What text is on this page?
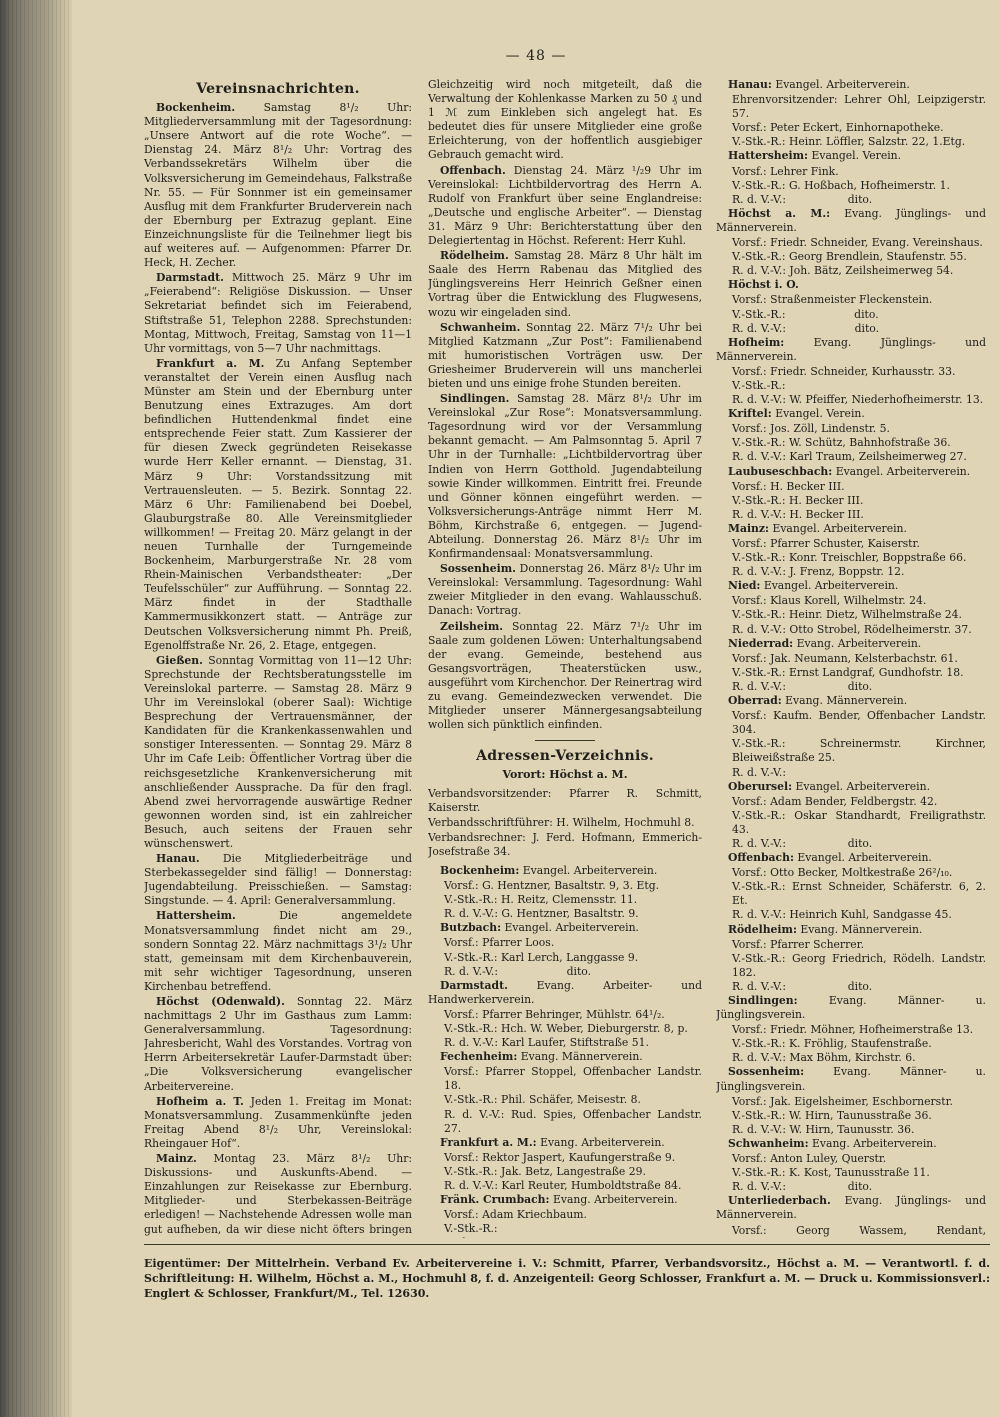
— 48 —
Vereinsnachrichten.

Bockenheim.	Samstag 8¹/₂ Uhr: Mitgliederversammlung mit der Tagesordnung: „Unsere Antwort auf die rote Woche“. — Dienstag 24. März 8¹/₂ Uhr: Vortrag des Verbandssekretärs Wilhelm über die Volksversicherung im Gemeindehaus, Falkstraße Nr. 55. — Für Sonnmer ist ein gemeinsamer Ausflug mit dem Frankfurter Bruderverein nach der Ebernburg per Extrazug geplant. Eine Einzeichnungsliste für die Teilnehmer liegt bis auf weiteres auf. — Aufgenommen: Pfarrer Dr. Heck, H. Zecher.

Darmstadt. Mittwoch 25. März 9 Uhr im „Feierabend“: Religiöse Diskussion. — Unser Sekretariat befindet sich im Feierabend, Stiftstraße 51, Telephon 2288. Sprechstunden: Montag, Mittwoch, Freitag, Samstag von 11—1 Uhr vormittags, von 5—7 Uhr nachmittags.

Frankfurt a. M. Zu Anfang September veranstaltet der Verein einen Ausflug nach Münster am Stein und der Ebernburg unter Benutzung eines Extrazuges. Am dort befindlichen Huttendenkmal findet eine entsprechende Feier statt. Zum Kassierer der für diesen Zweck gegründeten Reisekasse wurde Herr Keller ernannt. — Dienstag, 31. März 9 Uhr: Vorstandssitzung mit Vertrauensleuten. — 5. Bezirk. Sonntag 22. März 6 Uhr: Familienabend bei Doebel, Glauburgstraße 80. Alle Vereinsmitglieder willkommen! — Freitag 20. März gelangt in der neuen Turnhalle der Turngemeinde Bockenheim, Marburgerstraße Nr. 28 vom Rhein-Mainischen Verbandstheater: „Der Teufelsschüler“ zur Aufführung. — Sonntag 22. März findet in der Stadthalle Kammermusikkonzert statt. — Anträge zur Deutschen Volksversicherung nimmt Ph. Preiß, Egenolffstraße Nr. 26, 2. Etage, entgegen.

Gießen. Sonntag Vormittag von 11—12 Uhr: Sprechstunde der Rechtsberatungsstelle im Vereinslokal parterre. — Samstag 28. März 9 Uhr im Vereinslokal (oberer Saal): Wichtige Besprechung der Vertrauensmänner, der Kandidaten für die Krankenkassenwahlen und sonstiger Interessenten. — Sonntag 29. März 8 Uhr im Cafe Leib: Öffentlicher Vortrag über die reichsgesetzliche Krankenversicherung mit anschließender Aussprache. Da für den fragl. Abend zwei hervorragende auswärtige Redner gewonnen worden sind, ist ein zahlreicher Besuch, auch seitens der Frauen sehr wünschenswert.

Hanau. Die Mitgliederbeiträge und Sterbekassegelder sind fällig! — Donnerstag: Jugendabteilung. Preisschießen. — Samstag: Singstunde. — 4. April: Generalversammlung.

Hattersheim.	Die angemeldete Monatsversammlung findet nicht am 29., sondern Sonntag 22. März nachmittags 3¹/₂ Uhr statt, gemeinsam mit dem Kirchenbauverein, mit sehr wichtiger Tagesordnung, unseren Kirchenbau betreffend.

Höchst (Odenwald). Sonntag 22. März nachmittags 2 Uhr im Gasthaus zum Lamm: Generalversammlung. Tagesordnung: Jahresbericht, Wahl des Vorstandes. Vortrag von Herrn Arbeitersekretär Laufer-Darmstadt über: „Die Volksversicherung evangelischer Arbeitervereine.

Hofheim a. T. Jeden 1. Freitag im Monat: Monatsversammlung. Zusammenkünfte jeden Freitag Abend 8¹/₂ Uhr, Vereinslokal: Rheingauer Hof“.

Mainz. Montag 23. März 8¹/₂ Uhr: Diskussions- und Auskunfts-Abend. — Einzahlungen zur Reisekasse zur Ebernburg. Mitglieder- und Sterbekassen-Beiträge erledigen! — Nachstehende Adressen wolle man gut aufheben, da wir diese nicht öfters bringen

Gleichzeitig wird noch mitgeteilt, daß die Verwaltung der Kohlenkasse Marken zu 50 ₰ und 1 ℳ zum Einkleben sich angelegt hat. Es bedeutet dies für unsere Mitglieder eine große Erleichterung, von der hoffentlich ausgiebiger Gebrauch gemacht wird.

Offenbach. Dienstag 24. März ¹/₂9 Uhr im Vereinslokal: Lichtbildervortrag des Herrn A. Rudolf von Frankfurt über seine Englandreise: „Deutsche und englische Arbeiter“. — Dienstag 31. März 9 Uhr: Berichterstattung über den Delegiertentag in Höchst. Referent: Herr Kuhl.

Rödelheim. Samstag 28. März 8 Uhr hält im Saale des Herrn Rabenau das Mitglied des Jünglingsvereins Herr Heinrich Geßner einen Vortrag über die Entwicklung des Flugwesens, wozu wir eingeladen sind.

Schwanheim. Sonntag 22. März 7¹/₂ Uhr bei Mitglied Katzmann „Zur Post“: Familienabend mit humoristischen Vorträgen usw. Der Griesheimer Bruderverein will uns mancherlei bieten und uns einige frohe Stunden bereiten.

Sindlingen. Samstag 28. März 8¹/₂ Uhr im Vereinslokal „Zur Rose“: Monatsversammlung. Tagesordnung wird vor der Versammlung bekannt gemacht. — Am Palmsonntag 5. April 7 Uhr in der Turnhalle: „Lichtbildervortrag über Indien von Herrn Gotthold. Jugendabteilung sowie Kinder willkommen. Eintritt frei. Freunde und Gönner können eingeführt werden. — Volksversicherungs-Anträge nimmt Herr M. Böhm, Kirchstraße 6, entgegen. — Jugend-Abteilung. Donnerstag 26. März 8¹/₂ Uhr im Konfirmandensaal: Monatsversammlung.

Sossenheim. Donnerstag 26. März 8¹/₂ Uhr im Vereinslokal: Versammlung. Tagesordnung: Wahl zweier Mitglieder in den evang. Wahlausschuß. Danach: Vortrag.

Zeilsheim. Sonntag 22. März 7¹/₂ Uhr im Saale zum goldenen Löwen: Unterhaltungsabend der evang. Gemeinde, bestehend aus Gesangsvorträgen, Theaterstücken usw., ausgeführt vom Kirchenchor. Der Reinertrag wird zu evang. Gemeindezwecken verwendet. Die Mitglieder unserer Männergesangsabteilung wollen sich pünktlich einfinden.

Adressen-Verzeichnis.
Vorort: Höchst a. M.
Verbandsvorsitzender: Pfarrer R. Schmitt, Kaiserstr.
Verbandsschriftführer: H. Wilhelm, Hochmuhl 8.
Verbandsrechner: J. Ferd. Hofmann, Emmerich-Josefstraße 34.

Bockenheim: Evangel. Arbeiterverein.

Vorsf.: G. Hentzner, Basaltstr. 9, 3. Etg.
V.-Stk.-R.: H. Reitz, Clemensstr. 11.
R. d. V.-V.: G. Hentzner, Basaltstr. 9.

Butzbach: Evangel. Arbeiterverein.

Vorsf.: Pfarrer Loos.
V.-Stk.-R.: Karl Lerch, Langgasse 9.
R. d. V.-V.:                    dito.

Darmstadt.	Evang. Arbeiter- und Handwerkerverein.

Vorsf.: Pfarrer Behringer, Mühlstr. 64¹/₂.
V.-Stk.-R.: Hch. W. Weber, Dieburgerstr. 8, p.
R. d. V.-V.: Karl Laufer, Stiftstraße 51.

Fechenheim: Evang. Männerverein.

Vorsf.: Pfarrer Stoppel, Offenbacher Landstr. 18.
V.-Stk.-R.: Phil. Schäfer, Meisestr. 8.
R. d. V.-V.: Rud. Spies, Offenbacher Landstr. 27.

Frankfurt a. M.: Evang. Arbeiterverein.

Vorsf.: Rektor Jaspert, Kaufungerstraße 9.
V.-Stk.-R.: Jak. Betz, Langestraße 29.
R. d. V.-V.: Karl Reuter, Humboldtstraße 84.

Fränk. Crumbach: Evang. Arbeiterverein.

Vorsf.: Adam Kriechbaum.
V.-Stk.-R.:

Hanau: Evangel. Arbeiterverein.

Ehrenvorsitzender: Lehrer Ohl, Leipzigerstr. 57.
Vorsf.: Peter Eckert, Einhornapotheke.
V.-Stk.-R.: Heinr. Löffler, Salzstr. 22, 1.Etg.

Hattersheim: Evangel. Verein.

Vorsf.: Lehrer Fink.
V.-Stk.-R.: G. Hoßbach, Hofheimerstr. 1.
R. d. V.-V.:                  dito.

Höchst a. M.: Evang. Jünglings- und Männerverein.

Vorsf.: Friedr. Schneider, Evang. Vereinshaus.
V.-Stk.-R.: Georg Brendlein, Staufenstr. 55.
R. d. V.-V.: Joh. Bätz, Zeilsheimerweg 54.

Höchst i. O.

Vorsf.: Straßenmeister Fleckenstein.
V.-Stk.-R.:                    dito.
R. d. V.-V.:                    dito.

Hofheim:	Evang. Jünglings- und Männerverein.

Vorsf.: Friedr. Schneider, Kurhausstr. 33.
V.-Stk.-R.:
R. d. V.-V.: W. Pfeiffer, Niederhofheimerstr. 13.

Kriftel: Evangel. Verein.

Vorsf.: Jos. Zöll, Lindenstr. 5.
V.-Stk.-R.: W. Schütz, Bahnhofstraße 36.
R. d. V.-V.: Karl Traum, Zeilsheimerweg 27.

Laubuseschbach: Evangel. Arbeiterverein.

Vorsf.: H. Becker III.
V.-Stk.-R.: H. Becker III.
R. d. V.-V.: H. Becker III.

Mainz: Evangel. Arbeiterverein.

Vorsf.: Pfarrer Schuster, Kaiserstr.
V.-Stk.-R.: Konr. Treischler, Boppstraße 66.
R. d. V.-V.: J. Frenz, Boppstr. 12.

Nied: Evangel. Arbeiterverein.

Vorsf.: Klaus Korell, Wilhelmstr. 24.
V.-Stk.-R.: Heinr. Dietz, Wilhelmstraße 24.
R. d. V.-V.: Otto Strobel, Rödelheimerstr. 37.

Niederrad: Evang. Arbeiterverein.

Vorsf.: Jak. Neumann, Kelsterbachstr. 61.
V.-Stk.-R.: Ernst Landgraf, Gundhofstr. 18.
R. d. V.-V.:                  dito.

Oberrad: Evang. Männerverein.

Vorsf.: Kaufm. Bender, Offenbacher Landstr. 304.
V.-Stk.-R.: Schreinermstr. Kirchner, Bleiweißstraße 25.
R. d. V.-V.:

Oberursel: Evangel. Arbeiterverein.

Vorsf.: Adam Bender, Feldbergstr. 42.
V.-Stk.-R.: Oskar Standhardt, Freiligrathstr. 43.
R. d. V.-V.:                  dito.

Offenbach: Evangel. Arbeiterverein.

Vorsf.: Otto Becker, Moltkestraße 26²/₁₀.
V.-Stk.-R.: Ernst Schneider, Schäferstr. 6, 2. Et.
R. d. V.-V.: Heinrich Kuhl, Sandgasse 45.

Rödelheim: Evang. Männerverein.

Vorsf.: Pfarrer Scherrer.
V.-Stk.-R.: Georg Friedrich, Rödelh. Landstr. 182.
R. d. V.-V.:                  dito.

Sindlingen:	Evang. Männer- u. Jünglingsverein.

Vorsf.: Friedr. Möhner, Hofheimerstraße 13.
V.-Stk.-R.: K. Fröhlig, Staufenstraße.
R. d. V.-V.: Max Böhm, Kirchstr. 6.

Sossenheim:	Evang. Männer- u. Jünglingsverein.

Vorsf.: Jak. Eigelsheimer, Eschbornerstr.
V.-Stk.-R.: W. Hirn, Taunusstraße 36.
R. d. V.-V.: W. Hirn, Taunusstr. 36.

Schwanheim: Evang. Arbeiterverein.

Vorsf.: Anton Luley, Querstr.
V.-Stk.-R.: K. Kost, Taunusstraße 11.
R. d. V.-V.:                  dito.

Unterliederbach. Evang. Jünglings- und Männerverein.

Vorsf.: Georg Wassem, Rendant,

Eigentümer: Der Mittelrhein. Verband Ev. Arbeitervereine i. V.: Schmitt, Pfarrer, Verbandsvorsitz., Höchst a. M. — Verantwortl. f. d. Schriftleitung: H. Wilhelm, Höchst a. M., Hochmuhl 8, f. d. Anzeigenteil: Georg Schlosser, Frankfurt a. M. — Druck u. Kommissionsverl.: Englert & Schlosser, Frankfurt/M., Tel. 12630.
